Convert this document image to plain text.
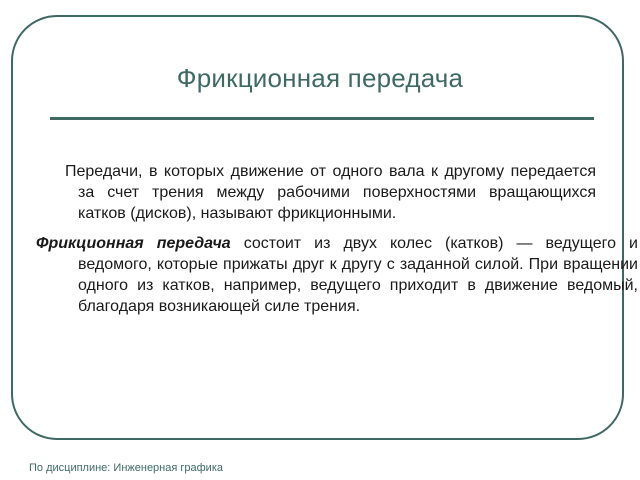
Фрикционная передача
Передачи, в которых движение от одного вала к другому передается за счет трения между рабочими поверхностями вращающихся катков (дисков), называют фрикционными.
Фрикционная передача состоит из двух колес (катков) — ведущего и ведомого, которые прижаты друг к другу с заданной силой. При вращении одного из катков, например, ведущего приходит в движение ведомый, благодаря возникающей силе трения.
По дисциплине: Инженерная графика
